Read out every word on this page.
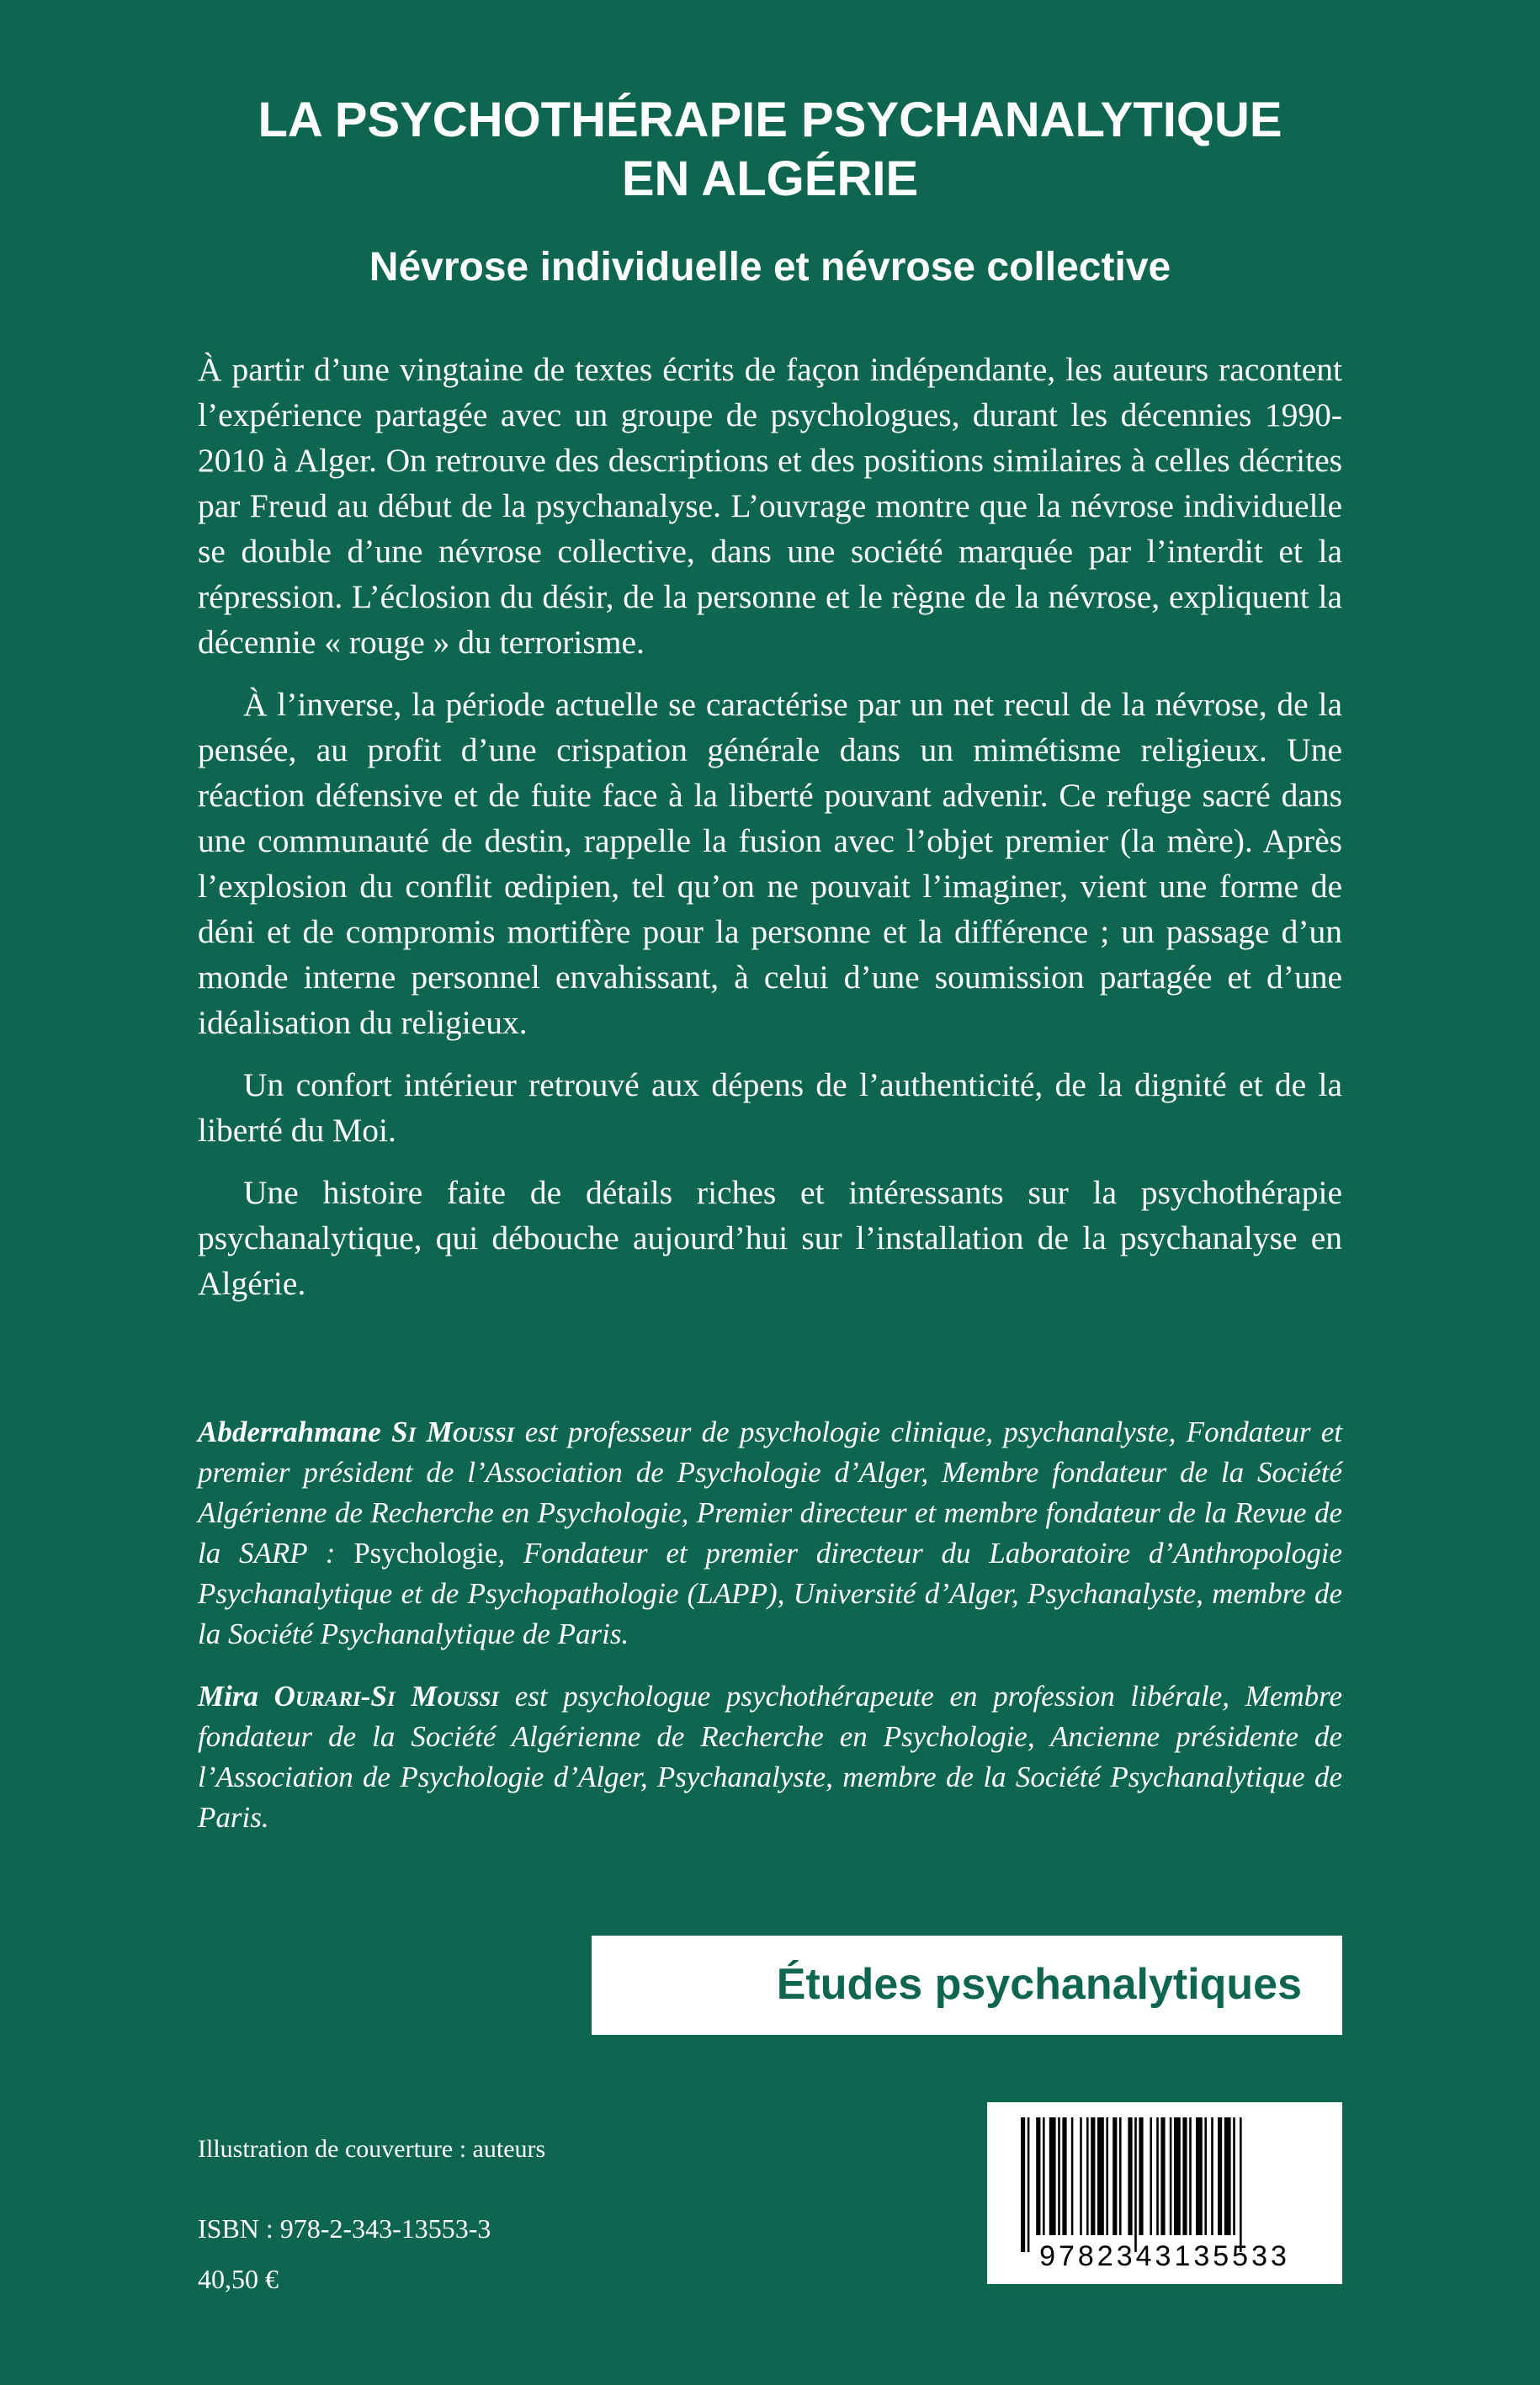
LA PSYCHOTHÉRAPIE PSYCHANALYTIQUE
EN ALGÉRIE
Névrose individuelle et névrose collective

À partir d’une vingtaine de textes écrits de façon indépendante, les auteurs racontent l’expérience partagée avec un groupe de psychologues, durant les décennies 1990-2010 à Alger. On retrouve des descriptions et des positions similaires à celles décrites par Freud au début de la psychanalyse. L’ouvrage montre que la névrose individuelle se double d’une névrose collective, dans une société marquée par l’interdit et la répression. L’éclosion du désir, de la personne et le règne de la névrose, expliquent la décennie « rouge » du terrorisme.

À l’inverse, la période actuelle se caractérise par un net recul de la névrose, de la pensée, au profit d’une crispation générale dans un mimétisme religieux. Une réaction défensive et de fuite face à la liberté pouvant advenir. Ce refuge sacré dans une communauté de destin, rappelle la fusion avec l’objet premier (la mère). Après l’explosion du conflit œdipien, tel qu’on ne pouvait l’imaginer, vient une forme de déni et de compromis mortifère pour la personne et la différence ; un passage d’un monde interne personnel envahissant, à celui d’une soumission partagée et d’une idéalisation du religieux.

Un confort intérieur retrouvé aux dépens de l’authenticité, de la dignité et de la liberté du Moi.

Une histoire faite de détails riches et intéressants sur la psychothérapie psychanalytique, qui débouche aujourd’hui sur l’installation de la psychanalyse en Algérie.

Abderrahmane Si Moussi est professeur de psychologie clinique, psychanalyste, Fondateur et premier président de l’Association de Psychologie d’Alger, Membre fondateur de la Société Algérienne de Recherche en Psychologie, Premier directeur et membre fondateur de la Revue de la SARP : Psychologie, Fondateur et premier directeur du Laboratoire d’Anthropologie Psychanalytique et de Psychopathologie (LAPP), Université d’Alger, Psychanalyste, membre de la Société Psychanalytique de Paris.

Mira Ourari-Si Moussi est psychologue psychothérapeute en profession libérale, Membre fondateur de la Société Algérienne de Recherche en Psychologie, Ancienne présidente de l’Association de Psychologie d’Alger, Psychanalyste, membre de la Société Psychanalytique de Paris.

Études psychanalytiques
Illustration de couverture : auteurs
ISBN : 978-2-343-13553-3
40,50 €
9782343135533
